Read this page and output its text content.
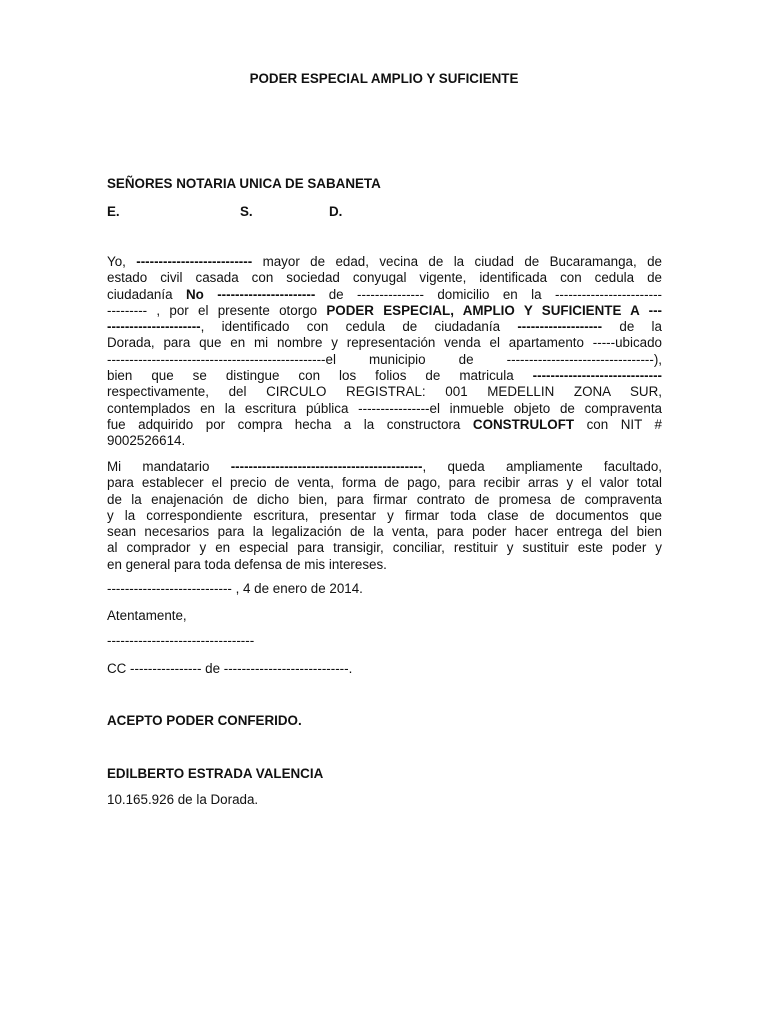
PODER ESPECIAL AMPLIO Y SUFICIENTE
SEÑORES NOTARIA UNICA DE SABANETA
E.	S.	D.
Yo, -------------------------- mayor de edad, vecina de la ciudad de Bucaramanga, de
estado civil casada con sociedad conyugal vigente, identificada con cedula de
ciudadanía No ---------------------- de --------------- domicilio en la ------------------------
--------- , por el presente otorgo PODER ESPECIAL, AMPLIO Y SUFICIENTE A ---
---------------------, identificado con cedula de ciudadanía ------------------- de la
Dorada, para que en mi nombre y representación venda el apartamento -----ubicado
-------------------------------------------------el municipio de ---------------------------------),
bien que se distingue con los folios de matricula -----------------------------
respectivamente, del CIRCULO REGISTRAL: 001 MEDELLIN ZONA SUR,
contemplados en la escritura pública ----------------el inmueble objeto de compraventa
fue adquirido por compra hecha a la constructora CONSTRULOFT con NIT #
9002526614.
Mi mandatario -------------------------------------------, queda ampliamente facultado,
para establecer el precio de venta, forma de pago, para recibir arras y el valor total
de la enajenación de dicho bien, para firmar contrato de promesa de compraventa
y la correspondiente escritura, presentar y firmar toda clase de documentos que
sean necesarios para la legalización de la venta, para poder hacer entrega del bien
al comprador y en especial para transigir, conciliar, restituir y sustituir este poder y
en general para toda defensa de mis intereses.
---------------------------- , 4 de enero de 2014.
Atentamente,
---------------------------------
CC ---------------- de ----------------------------.
ACEPTO PODER CONFERIDO.
EDILBERTO ESTRADA VALENCIA
10.165.926 de la Dorada.
